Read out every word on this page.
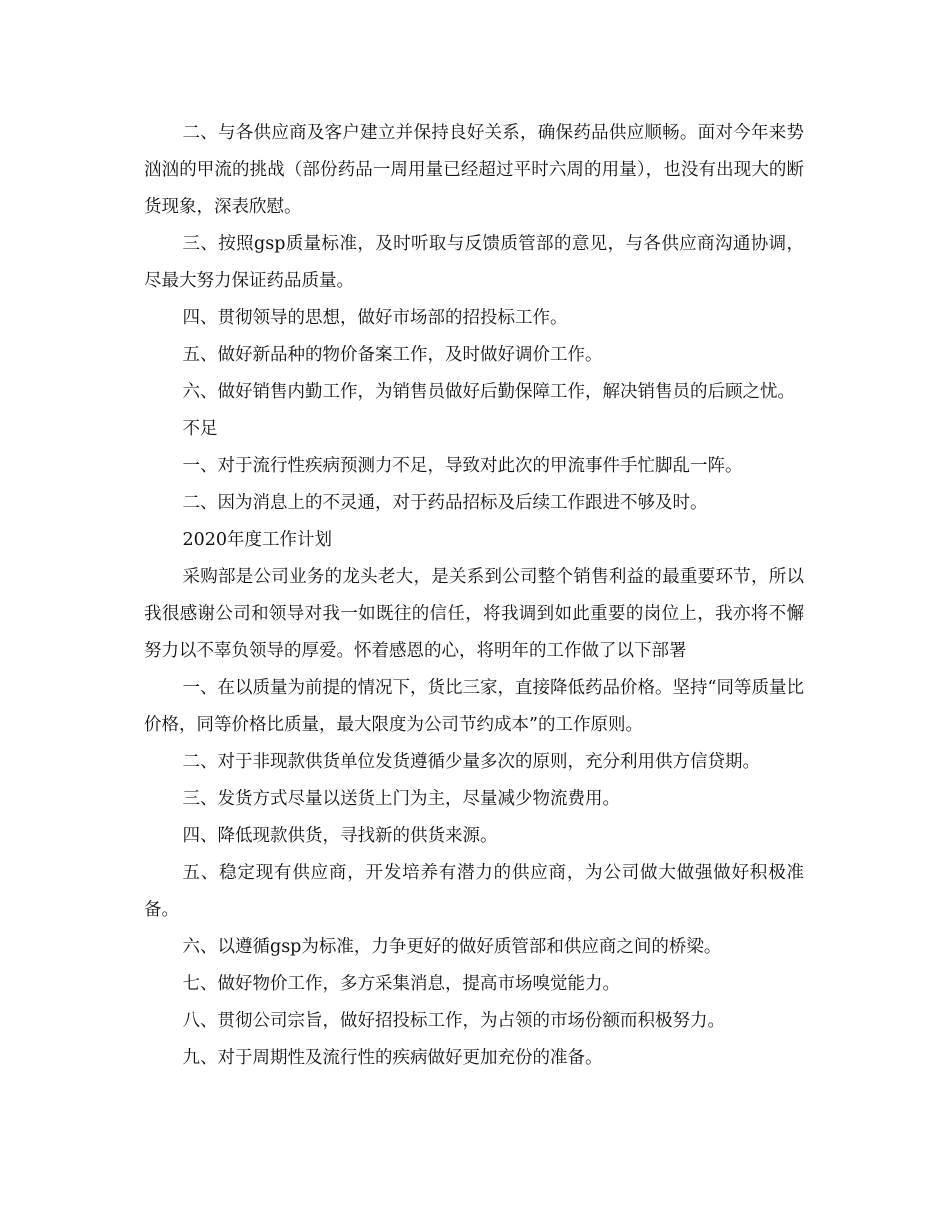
二、与各供应商及客户建立并保持良好关系，确保药品供应顺畅。面对今年来势汹汹的甲流的挑战（部份药品一周用量已经超过平时六周的用量），也没有出现大的断货现象，深表欣慰。

三、按照gsp质量标准，及时听取与反馈质管部的意见，与各供应商沟通协调，尽最大努力保证药品质量。

四、贯彻领导的思想，做好市场部的招投标工作。

五、做好新品种的物价备案工作，及时做好调价工作。

六、做好销售内勤工作，为销售员做好后勤保障工作，解决销售员的后顾之忧。

不足

一、对于流行性疾病预测力不足，导致对此次的甲流事件手忙脚乱一阵。

二、因为消息上的不灵通，对于药品招标及后续工作跟进不够及时。

2020年度工作计划

采购部是公司业务的龙头老大，是关系到公司整个销售利益的最重要环节，所以我很感谢公司和领导对我一如既往的信任，将我调到如此重要的岗位上，我亦将不懈努力以不辜负领导的厚爱。怀着感恩的心，将明年的工作做了以下部署

一、在以质量为前提的情况下，货比三家，直接降低药品价格。坚持“同等质量比价格，同等价格比质量，最大限度为公司节约成本”的工作原则。

二、对于非现款供货单位发货遵循少量多次的原则，充分利用供方信贷期。

三、发货方式尽量以送货上门为主，尽量减少物流费用。

四、降低现款供货，寻找新的供货来源。

五、稳定现有供应商，开发培养有潜力的供应商，为公司做大做强做好积极准备。

六、以遵循gsp为标准，力争更好的做好质管部和供应商之间的桥梁。

七、做好物价工作，多方采集消息，提高市场嗅觉能力。

八、贯彻公司宗旨，做好招投标工作，为占领的市场份额而积极努力。

九、对于周期性及流行性的疾病做好更加充份的准备。
